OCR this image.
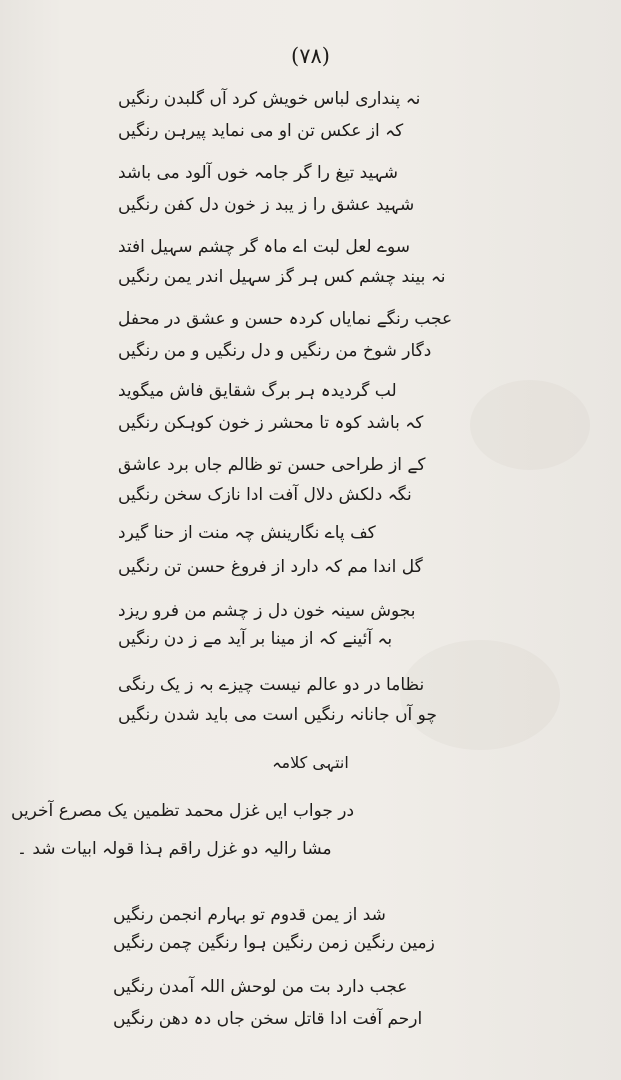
(۷۸)
نہ پنداری لباس خویش کرد آں گلبدن رنگیں
کہ از عکس تن او می نماید پیرہن رنگیں
شہید تیغ را گر جامہ خوں آلود می باشد
شہید عشق را ز یبد ز خون دل کفن رنگیں
سوے لعل لبت اے ماہ گر چشم سہیل افتد
نہ بیند چشم کس ہر گز سہیل اندر یمن رنگیں
عجب رنگے نمایاں کردہ حسن و عشق در محفل
دگار شوخ من رنگیں و دل رنگیں و من رنگیں
لب گردیدہ ہر برگ شقایق فاش میگوید
کہ باشد کوہ تا محشر ز خون کوہکن رنگیں
کے از طراحی حسن تو ظالم جاں برد عاشق
نگہ دلکش دلال آفت ادا نازک سخن رنگیں
کف پاے نگارینش چہ منت از حنا گیرد
گل اندا مم کہ دارد از فروغ حسن تن رنگیں
بجوش سینہ خون دل ز چشم من فرو ریزد
بہ آئینے کہ از مینا بر آید مے ز دن رنگیں
نظاما در دو عالم نیست چیزے بہ ز یک رنگی
چو آں جانانہ رنگیں است می باید شدن رنگیں
انتہی کلامہ
در جواب ایں غزل محمد تظمین یک مصرع آخریں
مشا رالیہ دو غزل راقم ہذا قولہ ابیات شد ۔
شد از یمن قدوم تو بہارم انجمن رنگیں
زمین رنگین زمن رنگین ہوا رنگین چمن رنگیں
عجب دارد بت من لوحش اللہ آمدن رنگیں
ارحم آفت ادا قاتل سخن جاں دہ دھن رنگیں
